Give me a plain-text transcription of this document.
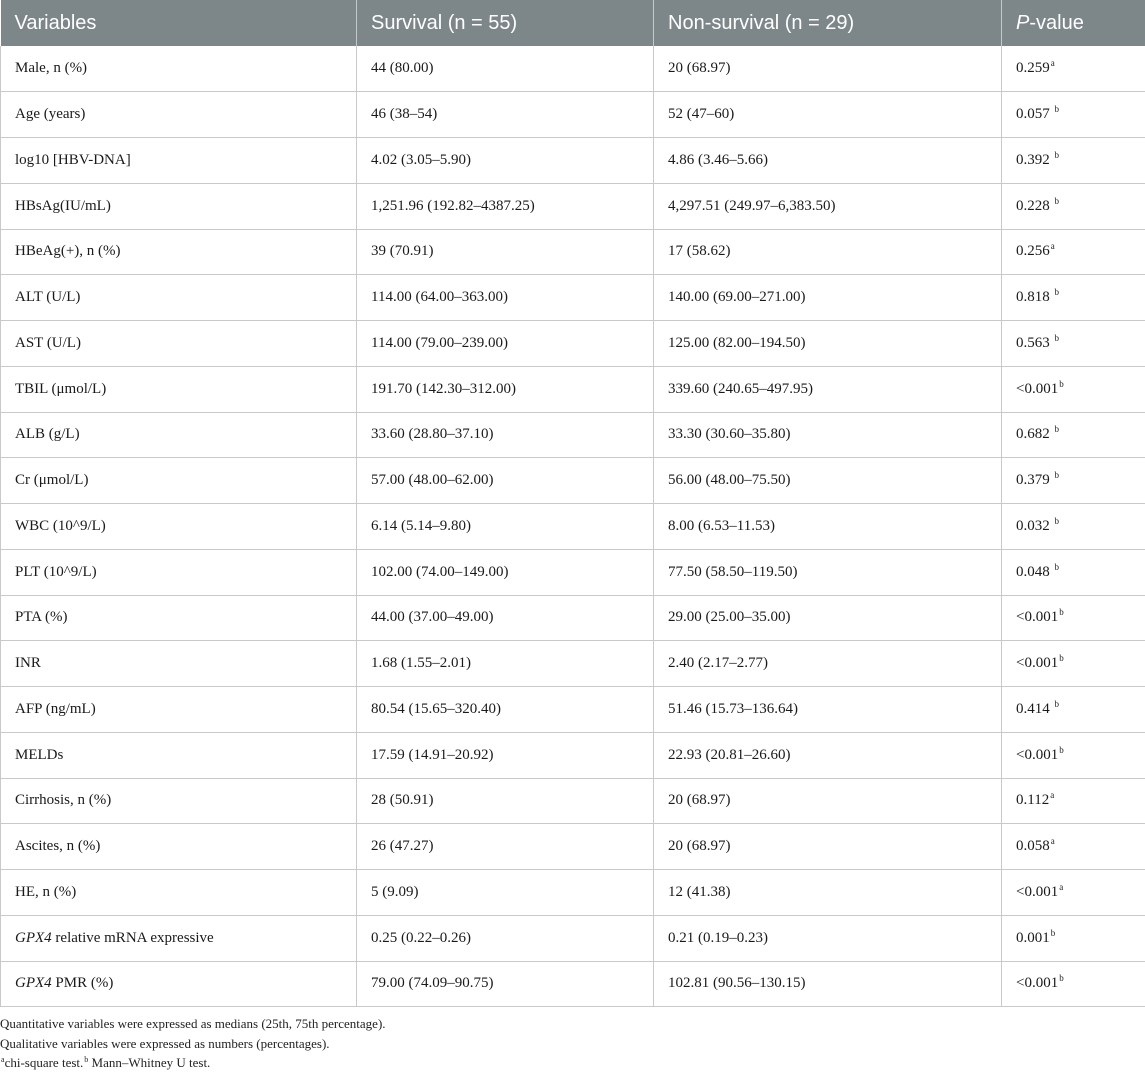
Variables	Survival (n = 55)	Non-survival (n = 29)	P-value
Male, n (%)	44 (80.00)	20 (68.97)	0.259$^a$
Age (years)	46 (38–54)	52 (47–60)	0.057 $^b$
log10 [HBV-DNA]	4.02 (3.05–5.90)	4.86 (3.46–5.66)	0.392 $^b$
HBsAg(IU/mL)	1,251.96 (192.82–4387.25)	4,297.51 (249.97–6,383.50)	0.228 $^b$
HBeAg(+), n (%)	39 (70.91)	17 (58.62)	0.256$^a$
ALT (U/L)	114.00 (64.00–363.00)	140.00 (69.00–271.00)	0.818 $^b$
AST (U/L)	114.00 (79.00–239.00)	125.00 (82.00–194.50)	0.563 $^b$
TBIL (μmol/L)	191.70 (142.30–312.00)	339.60 (240.65–497.95)	<0.001$^b$
ALB (g/L)	33.60 (28.80–37.10)	33.30 (30.60–35.80)	0.682 $^b$
Cr (μmol/L)	57.00 (48.00–62.00)	56.00 (48.00–75.50)	0.379 $^b$
WBC (10^9/L)	6.14 (5.14–9.80)	8.00 (6.53–11.53)	0.032 $^b$
PLT (10^9/L)	102.00 (74.00–149.00)	77.50 (58.50–119.50)	0.048 $^b$
PTA (%)	44.00 (37.00–49.00)	29.00 (25.00–35.00)	<0.001$^b$
INR	1.68 (1.55–2.01)	2.40 (2.17–2.77)	<0.001$^b$
AFP (ng/mL)	80.54 (15.65–320.40)	51.46 (15.73–136.64)	0.414 $^b$
MELDs	17.59 (14.91–20.92)	22.93 (20.81–26.60)	<0.001$^b$
Cirrhosis, n (%)	28 (50.91)	20 (68.97)	0.112$^a$
Ascites, n (%)	26 (47.27)	20 (68.97)	0.058$^a$
HE, n (%)	5 (9.09)	12 (41.38)	<0.001$^a$
GPX4 relative mRNA expressive	0.25 (0.22–0.26)	0.21 (0.19–0.23)	0.001$^b$
GPX4 PMR (%)	79.00 (74.09–90.75)	102.81 (90.56–130.15)	<0.001$^b$
Quantitative variables were expressed as medians (25th, 75th percentage).
Qualitative variables were expressed as numbers (percentages).
$^a$chi-square test.$^b$ Mann–Whitney U test.
